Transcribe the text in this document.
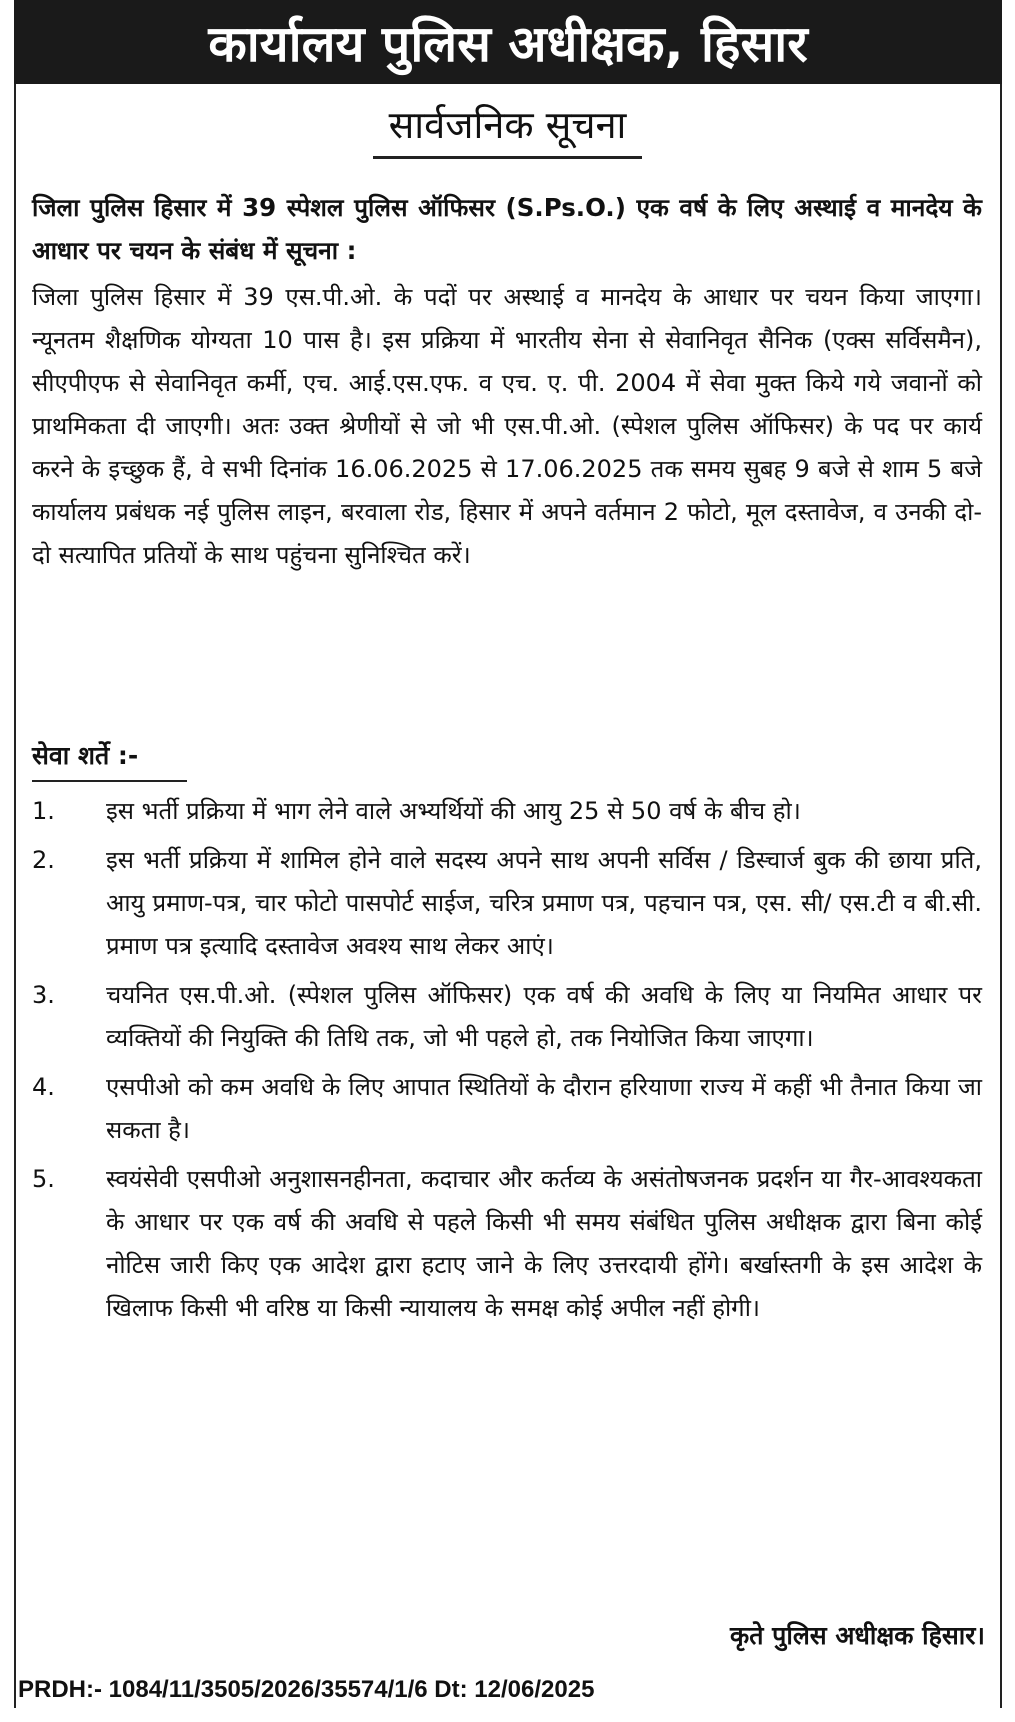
कार्यालय पुलिस अधीक्षक, हिसार
सार्वजनिक सूचना
जिला पुलिस हिसार में 39 स्पेशल पुलिस ऑफिसर (S.Ps.O.) एक वर्ष के लिए अस्थाई व मानदेय के आधार पर चयन के संबंध में सूचना :
जिला पुलिस हिसार में 39 एस.पी.ओ. के पदों पर अस्थाई व मानदेय के आधार पर चयन किया जाएगा। न्यूनतम शैक्षणिक योग्यता 10 पास है। इस प्रक्रिया में भारतीय सेना से सेवानिवृत सैनिक (एक्स सर्विसमैन), सीएपीएफ से सेवानिवृत कर्मी, एच. आई.एस.एफ. व एच. ए. पी. 2004 में सेवा मुक्त किये गये जवानों को प्राथमिकता दी जाएगी। अतः उक्त श्रेणीयों से जो भी एस.पी.ओ. (स्पेशल पुलिस ऑफिसर) के पद पर कार्य करने के इच्छुक हैं, वे सभी दिनांक 16.06.2025 से 17.06.2025 तक समय सुबह 9 बजे से शाम 5 बजे कार्यालय प्रबंधक नई पुलिस लाइन, बरवाला रोड, हिसार में अपने वर्तमान 2 फोटो, मूल दस्तावेज, व उनकी दो-दो सत्यापित प्रतियों के साथ पहुंचना सुनिश्चित करें।
सेवा शर्ते :-
1.	इस भर्ती प्रक्रिया में भाग लेने वाले अभ्यर्थियों की आयु 25 से 50 वर्ष के बीच हो।
2.	इस भर्ती प्रक्रिया में शामिल होने वाले सदस्य अपने साथ अपनी सर्विस / डिस्चार्ज बुक की छाया प्रति, आयु प्रमाण-पत्र, चार फोटो पासपोर्ट साईज, चरित्र प्रमाण पत्र, पहचान पत्र, एस. सी/ एस.टी व बी.सी. प्रमाण पत्र इत्यादि दस्तावेज अवश्य साथ लेकर आएं।
3.	चयनित एस.पी.ओ. (स्पेशल पुलिस ऑफिसर) एक वर्ष की अवधि के लिए या नियमित आधार पर व्यक्तियों की नियुक्ति की तिथि तक, जो भी पहले हो, तक नियोजित किया जाएगा।
4.	एसपीओ को कम अवधि के लिए आपात स्थितियों के दौरान हरियाणा राज्य में कहीं भी तैनात किया जा सकता है।
5.	स्वयंसेवी एसपीओ अनुशासनहीनता, कदाचार और कर्तव्य के असंतोषजनक प्रदर्शन या गैर-आवश्यकता के आधार पर एक वर्ष की अवधि से पहले किसी भी समय संबंधित पुलिस अधीक्षक द्वारा बिना कोई नोटिस जारी किए एक आदेश द्वारा हटाए जाने के लिए उत्तरदायी होंगे। बर्खास्तगी के इस आदेश के खिलाफ किसी भी वरिष्ठ या किसी न्यायालय के समक्ष कोई अपील नहीं होगी।
कृते पुलिस अधीक्षक हिसार।
PRDH:- 1084/11/3505/2026/35574/1/6 Dt: 12/06/2025
